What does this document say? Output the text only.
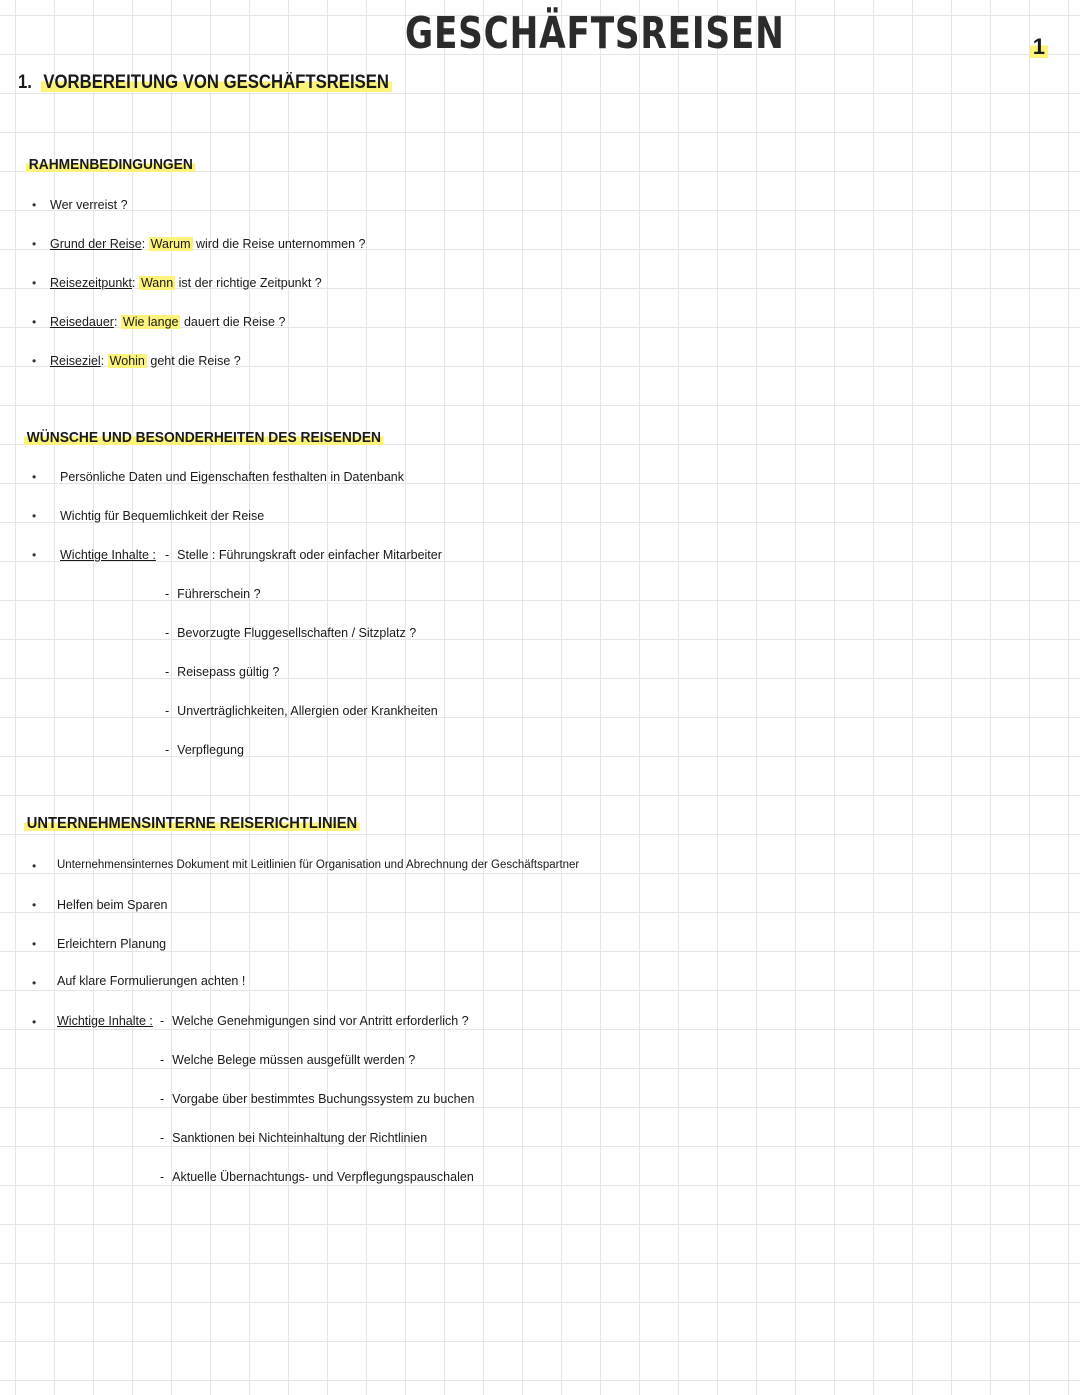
GESCHÄFTSREISEN	1
1. VORBEREITUNG VON GESCHÄFTSREISEN
RAHMENBEDINGUNGEN
• Wer verreist ?
• Grund der Reise: Warum wird die Reise unternommen ?
• Reisezeitpunkt: Wann ist der richtige Zeitpunkt ?
• Reisedauer: Wie lange dauert die Reise ?
• Reiseziel: Wohin geht die Reise ?
WÜNSCHE UND BESONDERHEITEN DES REISENDEN
• Persönliche Daten und Eigenschaften festhalten in Datenbank
• Wichtig für Bequemlichkeit der Reise
• Wichtige Inhalte : - Stelle : Führungskraft oder einfacher Mitarbeiter
- Führerschein ?
- Bevorzugte Fluggesellschaften / Sitzplatz ?
- Reisepass gültig ?
- Unverträglichkeiten, Allergien oder Krankheiten
- Verpflegung
UNTERNEHMENSINTERNE REISERICHTLINIEN
• Unternehmensinternes Dokument mit Leitlinien für Organisation und Abrechnung der Geschäftspartner
• Helfen beim Sparen
• Erleichtern Planung
• Auf klare Formulierungen achten !
• Wichtige Inhalte : - Welche Genehmigungen sind vor Antritt erforderlich ?
- Welche Belege müssen ausgefüllt werden ?
- Vorgabe über bestimmtes Buchungssystem zu buchen
- Sanktionen bei Nichteinhaltung der Richtlinien
- Aktuelle Übernachtungs- und Verpflegungspauschalen
